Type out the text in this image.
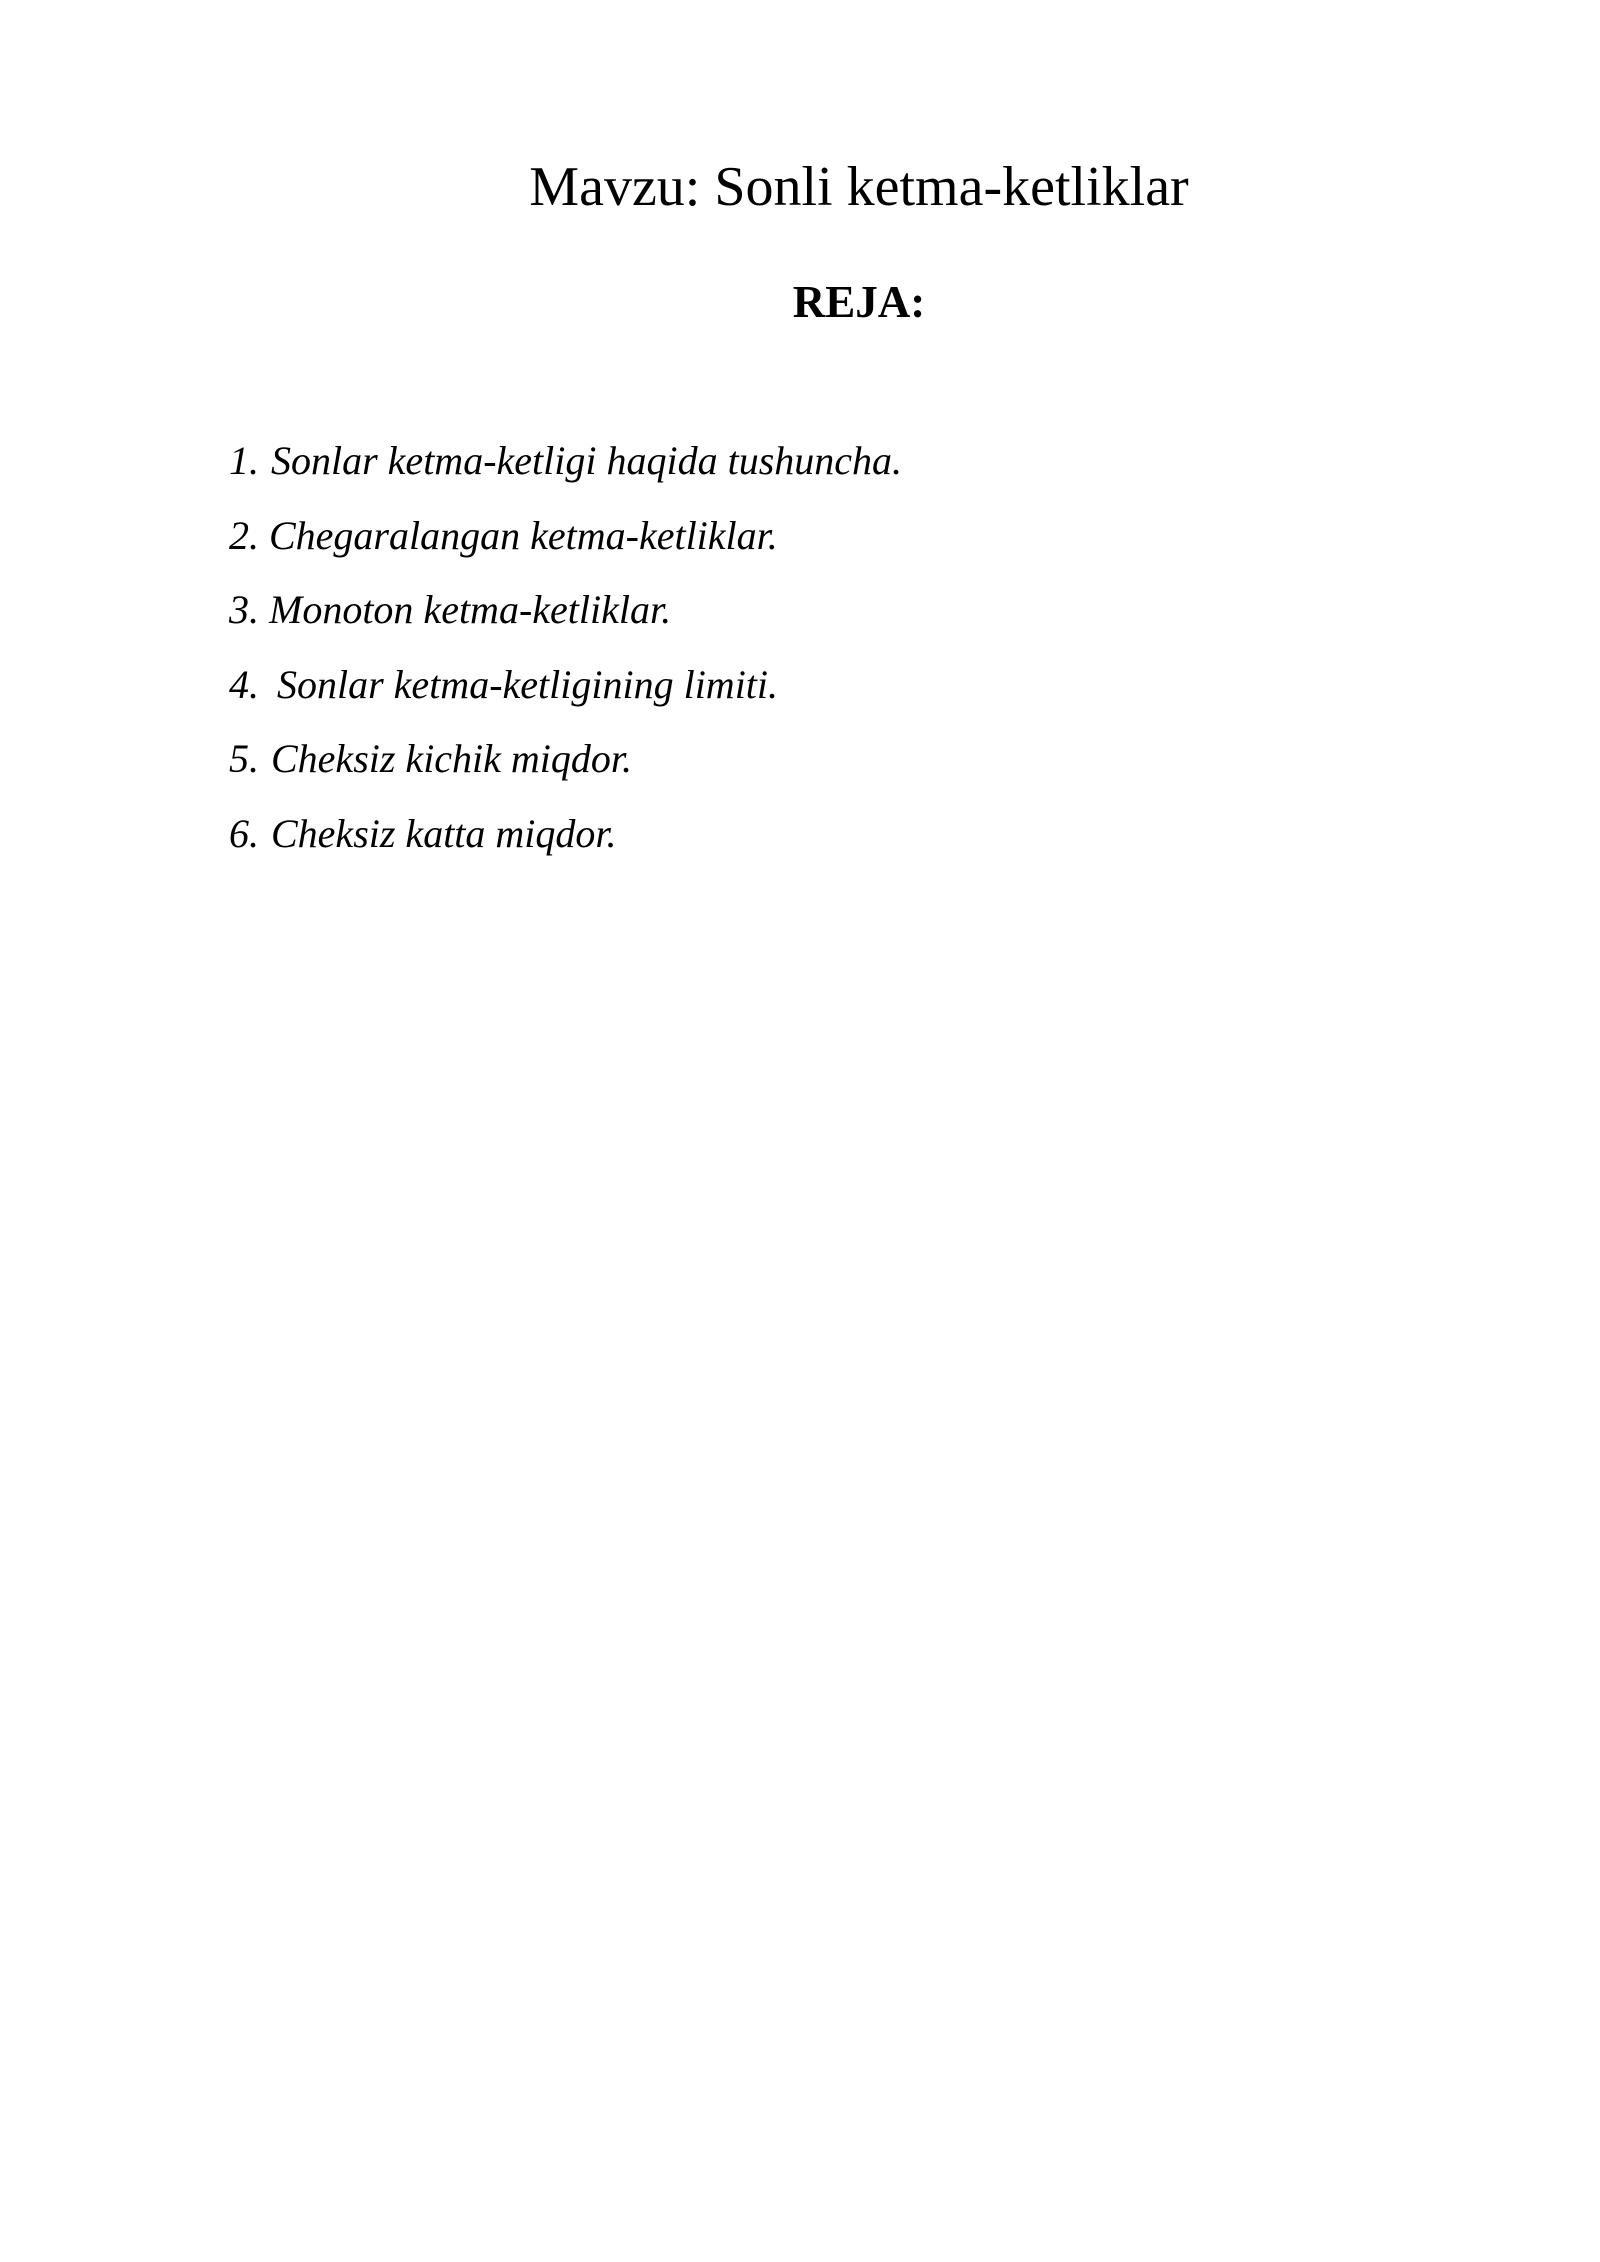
Mavzu: Sonli ketma-ketliklar
REJA:
1. Sonlar ketma-ketligi haqida tushuncha.
2. Chegaralangan ketma-ketliklar.
3. Monoton ketma-ketliklar.
4. Sonlar ketma-ketligining limiti.
5. Cheksiz kichik miqdor.
6. Cheksiz katta miqdor.
